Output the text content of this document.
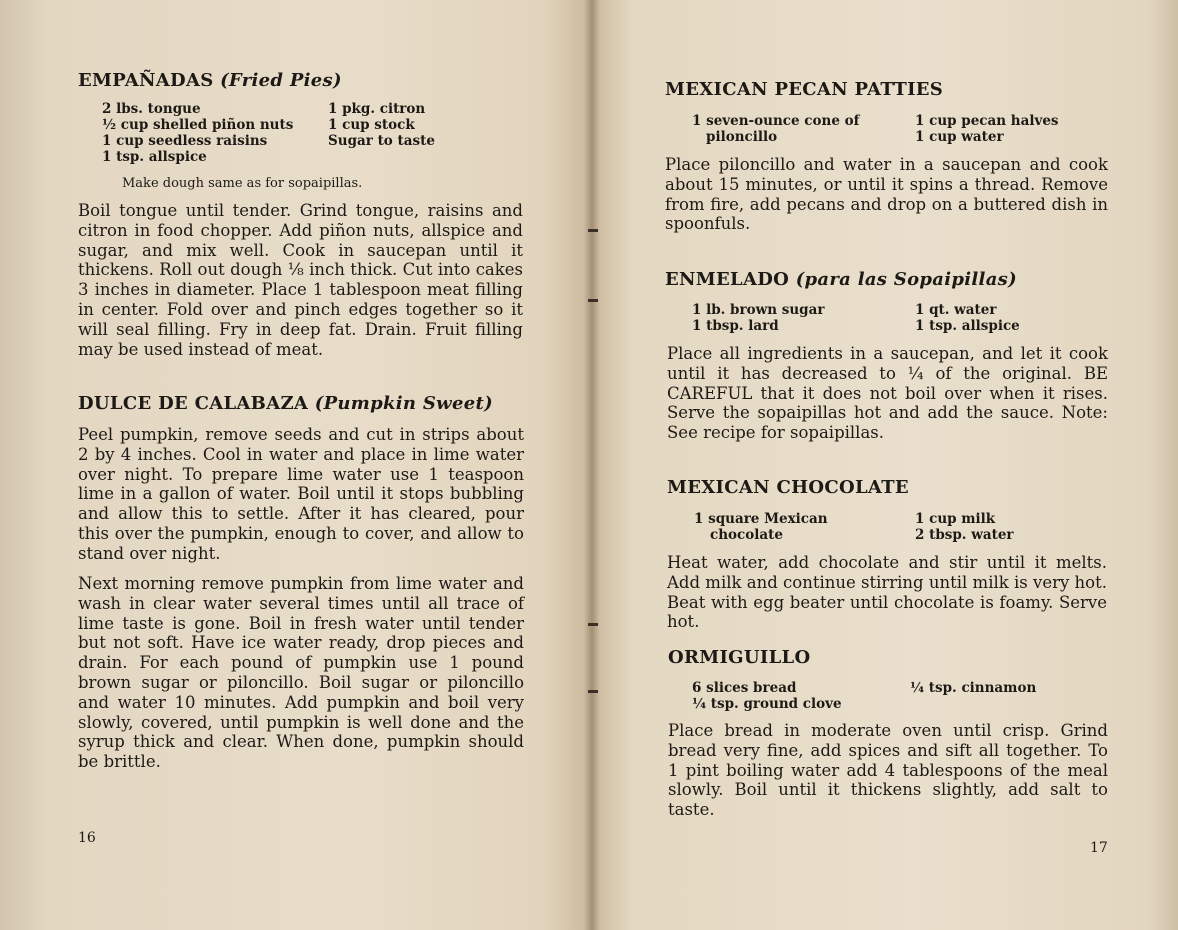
EMPAÑADAS (Fried Pies)
2 lbs. tongue
½ cup shelled piñon nuts
1 cup seedless raisins
1 tsp. allspice
1 pkg. citron
1 cup stock
Sugar to taste
Make dough same as for sopaipillas.

Boil tongue until tender. Grind tongue, raisins and citron in food chopper. Add piñon nuts, allspice and sugar, and mix well. Cook in saucepan until it thickens. Roll out dough ⅛ inch thick. Cut into cakes 3 inches in diameter. Place 1 tablespoon meat filling in center. Fold over and pinch edges together so it will seal filling. Fry in deep fat. Drain. Fruit filling may be used instead of meat.

DULCE DE CALABAZA (Pumpkin Sweet)

Peel pumpkin, remove seeds and cut in strips about 2 by 4 inches. Cool in water and place in lime water over night. To prepare lime water use 1 teaspoon lime in a gallon of water. Boil until it stops bubbling and allow this to settle. After it has cleared, pour this over the pumpkin, enough to cover, and allow to stand over night.

Next morning remove pumpkin from lime water and wash in clear water several times until all trace of lime taste is gone. Boil in fresh water until tender but not soft. Have ice water ready, drop pieces and drain. For each pound of pumpkin use 1 pound brown sugar or piloncillo. Boil sugar or piloncillo and water 10 minutes. Add pumpkin and boil very slowly, covered, until pumpkin is well done and the syrup thick and clear. When done, pumpkin should be brittle.

16
MEXICAN PECAN PATTIES
1 seven-ounce cone of
piloncillo
1 cup pecan halves
1 cup water

Place piloncillo and water in a saucepan and cook about 15 minutes, or until it spins a thread. Remove from fire, add pecans and drop on a buttered dish in spoonfuls.

ENMELADO (para las Sopaipillas)
1 lb. brown sugar
1 tbsp. lard
1 qt. water
1 tsp. allspice

Place all ingredients in a saucepan, and let it cook until it has decreased to ¼ of the original. BE CAREFUL that it does not boil over when it rises. Serve the sopaipillas hot and add the sauce. Note: See recipe for sopaipillas.

MEXICAN CHOCOLATE
1 square Mexican
chocolate
1 cup milk
2 tbsp. water

Heat water, add chocolate and stir until it melts. Add milk and continue stirring until milk is very hot. Beat with egg beater until chocolate is foamy. Serve hot.

ORMIGUILLO
6 slices bread
¼ tsp. ground clove
¼ tsp. cinnamon

Place bread in moderate oven until crisp. Grind bread very fine, add spices and sift all together. To 1 pint boiling water add 4 tablespoons of the meal slowly. Boil until it thickens slightly, add salt to taste.

17
